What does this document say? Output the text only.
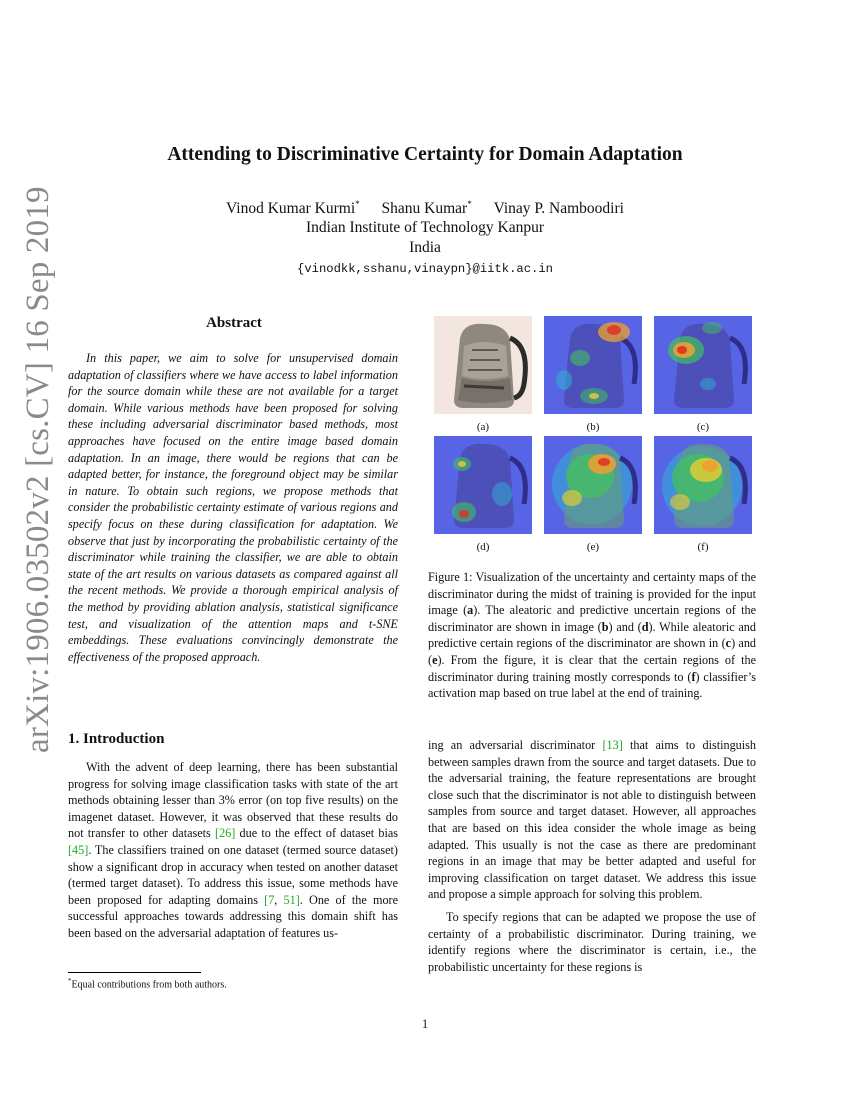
arXiv:1906.03502v2 [cs.CV] 16 Sep 2019
Attending to Discriminative Certainty for Domain Adaptation
Vinod Kumar Kurmi* Shanu Kumar* Vinay P. Namboodiri
Indian Institute of Technology Kanpur
India
{vinodkk,sshanu,vinaypn}@iitk.ac.in
Abstract

In this paper, we aim to solve for unsupervised domain adaptation of classifiers where we have access to label information for the source domain while these are not available for a target domain. While various methods have been proposed for solving these including adversarial discriminator based methods, most approaches have focused on the entire image based domain adaptation. In an image, there would be regions that can be adapted better, for instance, the foreground object may be similar in nature. To obtain such regions, we propose methods that consider the probabilistic certainty estimate of various regions and specify focus on these during classification for adaptation. We observe that just by incorporating the probabilistic certainty of the discriminator while training the classifier, we are able to obtain state of the art results on various datasets as compared against all the recent methods. We provide a thorough empirical analysis of the method by providing ablation analysis, statistical significance test, and visualization of the attention maps and t-SNE embeddings. These evaluations convincingly demonstrate the effectiveness of the proposed approach.

1. Introduction

With the advent of deep learning, there has been substantial progress for solving image classification tasks with state of the art methods obtaining lesser than 3% error (on top five results) on the imagenet dataset. However, it was observed that these results do not transfer to other datasets [26] due to the effect of dataset bias [45]. The classifiers trained on one dataset (termed source dataset) show a significant drop in accuracy when tested on another dataset (termed target dataset). To address this issue, some methods have been proposed for adapting domains [7, 51]. One of the more successful approaches towards addressing this domain shift has been based on the adversarial adaptation of features us-

*Equal contributions from both authors.
(a)	(b)	(c)
(d)	(e)	(f)
Figure 1: Visualization of the uncertainty and certainty maps of the discriminator during the midst of training is provided for the input image (a). The aleatoric and predictive uncertain regions of the discriminator are shown in image (b) and (d). While aleatoric and predictive certain regions of the discriminator are shown in (c) and (e). From the figure, it is clear that the certain regions of the discriminator during training mostly corresponds to (f) classifier’s activation map based on true label at the end of training.

ing an adversarial discriminator [13] that aims to distinguish between samples drawn from the source and target datasets. Due to the adversarial training, the feature representations are brought close such that the discriminator is not able to distinguish between samples from source and target dataset. However, all approaches that are based on this idea consider the whole image as being adapted. This usually is not the case as there are predominant regions in an image that may be better adapted and useful for improving classification on target dataset. We address this issue and propose a simple approach for solving this problem.

To specify regions that can be adapted we propose the use of certainty of a probabilistic discriminator. During training, we identify regions where the discriminator is certain, i.e., the probabilistic uncertainty for these regions is

1
